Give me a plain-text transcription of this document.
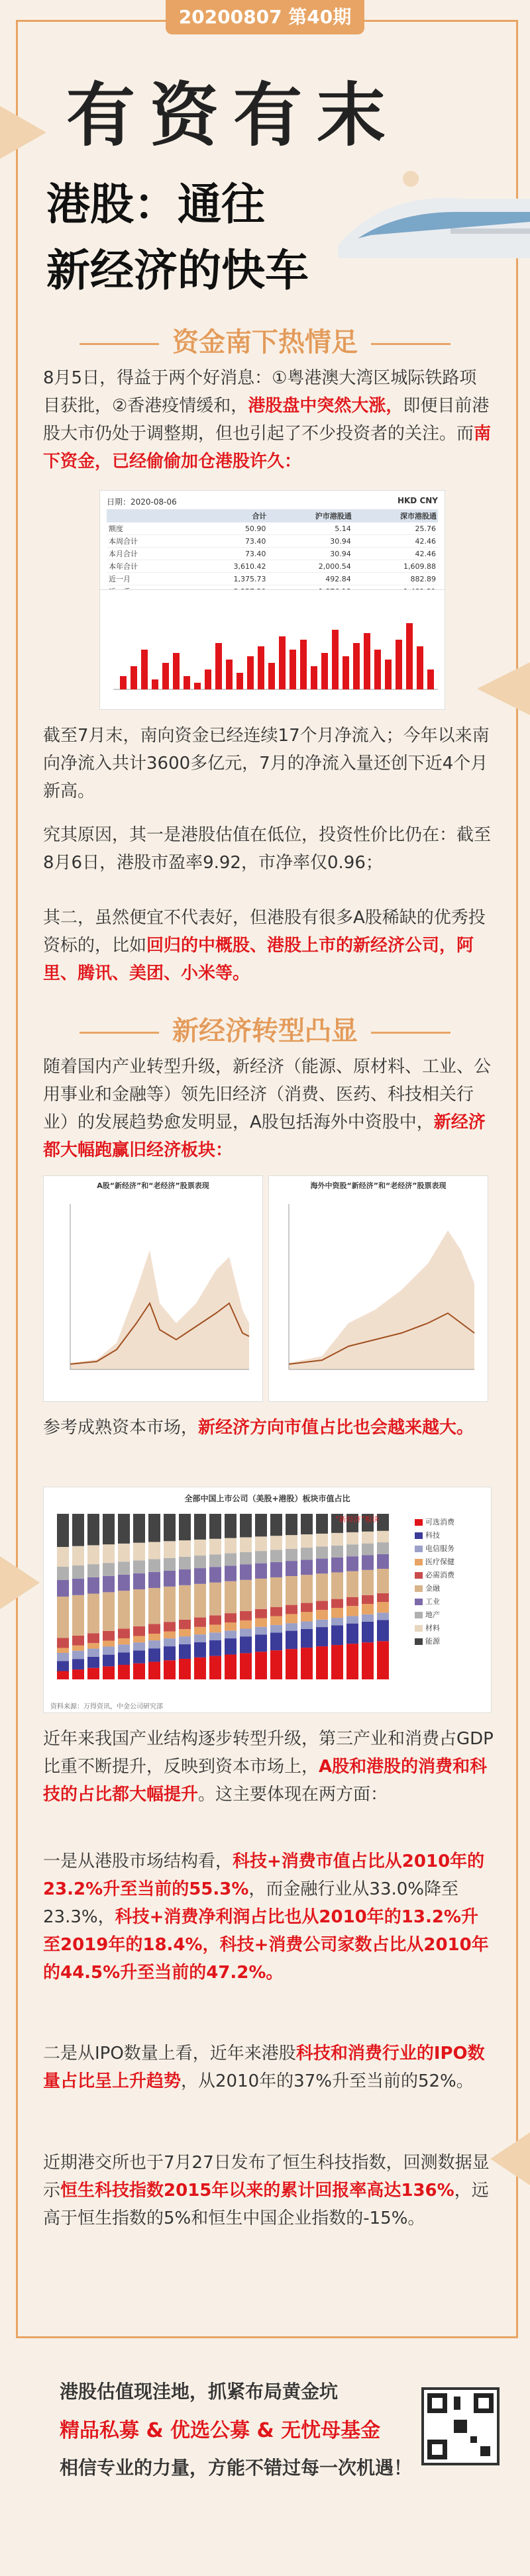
20200807 第40期
有资有末
港股：通往
新经济的快车
资金南下热情足
8月5日，得益于两个好消息：①粤港澳大湾区城际铁路项目获批，②香港疫情缓和，港股盘中突然大涨，即便目前港股大市仍处于调整期，但也引起了不少投资者的关注。而南下资金，已经偷偷加仓港股许久：
日期：2020-08-06	HKD CNY
	合计	沪市港股通	深市港股通
额度	50.90	5.14	25.76
本周合计	73.40	30.94	42.46
本月合计	73.40	30.94	42.46
本年合计	3,610.42	2,000.54	1,609.88
近一月	1,375.73	492.84	882.89

截至7月末，南向资金已经连续17个月净流入；今年以来南向净流入共计3600多亿元，7月的净流入量还创下近4个月新高。
究其原因，其一是港股估值在低位，投资性价比仍在：截至8月6日，港股市盈率9.92，市净率仅0.96；
其二，虽然便宜不代表好，但港股有很多A股稀缺的优秀投资标的，比如回归的中概股、港股上市的新经济公司，阿里、腾讯、美团、小米等。
新经济转型凸显
随着国内产业转型升级，新经济（能源、原材料、工业、公用事业和金融等）领先旧经济（消费、医药、科技相关行业）的发展趋势愈发明显，A股包括海外中资股中，新经济都大幅跑赢旧经济板块：
A股“新经济”和“老经济”股票表现	海外中资股“新经济”和“老经济”股票表现
参考成熟资本市场，新经济方向市值占比也会越来越大。
全部中国上市公司（美股+港股）板块市值占比
可选消费
科技
电信服务
医疗保健
必需消费
金融
工业
地产
材料
能源
“新经济”板块
资料来源：万得资讯，中金公司研究部
近年来我国产业结构逐步转型升级，第三产业和消费占GDP比重不断提升，反映到资本市场上，A股和港股的消费和科技的占比都大幅提升。这主要体现在两方面：
一是从港股市场结构看，科技+消费市值占比从2010年的23.2%升至当前的55.3%，而金融行业从33.0%降至23.3%，科技+消费净利润占比也从2010年的13.2%升至2019年的18.4%，科技+消费公司家数占比从2010年的44.5%升至当前的47.2%。
二是从IPO数量上看，近年来港股科技和消费行业的IPO数量占比呈上升趋势，从2010年的37%升至当前的52%。
近期港交所也于7月27日发布了恒生科技指数，回测数据显示恒生科技指数2015年以来的累计回报率高达136%，远高于恒生指数的5%和恒生中国企业指数的-15%。
港股估值现洼地，抓紧布局黄金坑
精品私募 & 优选公募 & 无忧母基金
相信专业的力量，方能不错过每一次机遇！
